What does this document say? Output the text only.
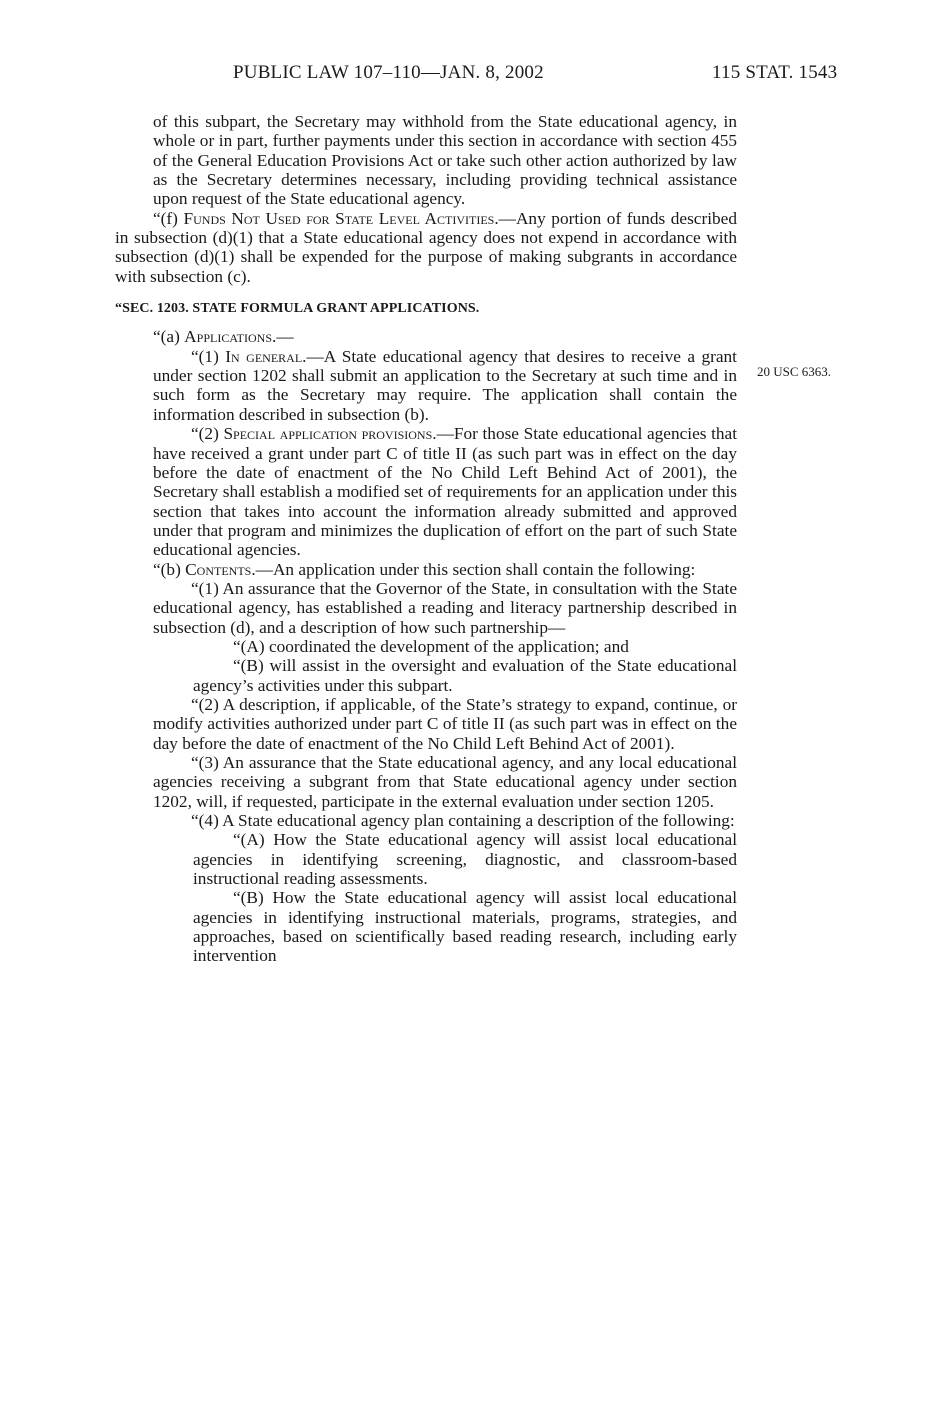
PUBLIC LAW 107–110—JAN. 8, 2002	115 STAT. 1543
20 USC 6363.

of this subpart, the Secretary may withhold from the State educational agency, in whole or in part, further payments under this section in accordance with section 455 of the General Education Provisions Act or take such other action authorized by law as the Secretary determines necessary, including providing technical assistance upon request of the State educational agency.

“(f) Funds Not Used for State Level Activities.—Any portion of funds described in subsection (d)(1) that a State educational agency does not expend in accordance with subsection (d)(1) shall be expended for the purpose of making subgrants in accordance with subsection (c).

“SEC. 1203. STATE FORMULA GRANT APPLICATIONS.

“(a) Applications.—

“(1) In general.—A State educational agency that desires to receive a grant under section 1202 shall submit an application to the Secretary at such time and in such form as the Secretary may require. The application shall contain the information described in subsection (b).

“(2) Special application provisions.—For those State educational agencies that have received a grant under part C of title II (as such part was in effect on the day before the date of enactment of the No Child Left Behind Act of 2001), the Secretary shall establish a modified set of requirements for an application under this section that takes into account the information already submitted and approved under that program and minimizes the duplication of effort on the part of such State educational agencies.

“(b) Contents.—An application under this section shall contain the following:

“(1) An assurance that the Governor of the State, in consultation with the State educational agency, has established a reading and literacy partnership described in subsection (d), and a description of how such partnership—

“(A) coordinated the development of the application; and

“(B) will assist in the oversight and evaluation of the State educational agency’s activities under this subpart.

“(2) A description, if applicable, of the State’s strategy to expand, continue, or modify activities authorized under part C of title II (as such part was in effect on the day before the date of enactment of the No Child Left Behind Act of 2001).

“(3) An assurance that the State educational agency, and any local educational agencies receiving a subgrant from that State educational agency under section 1202, will, if requested, participate in the external evaluation under section 1205.

“(4) A State educational agency plan containing a description of the following:

“(A) How the State educational agency will assist local educational agencies in identifying screening, diagnostic, and classroom-based instructional reading assessments.

“(B) How the State educational agency will assist local educational agencies in identifying instructional materials, programs, strategies, and approaches, based on scientifically based reading research, including early intervention
